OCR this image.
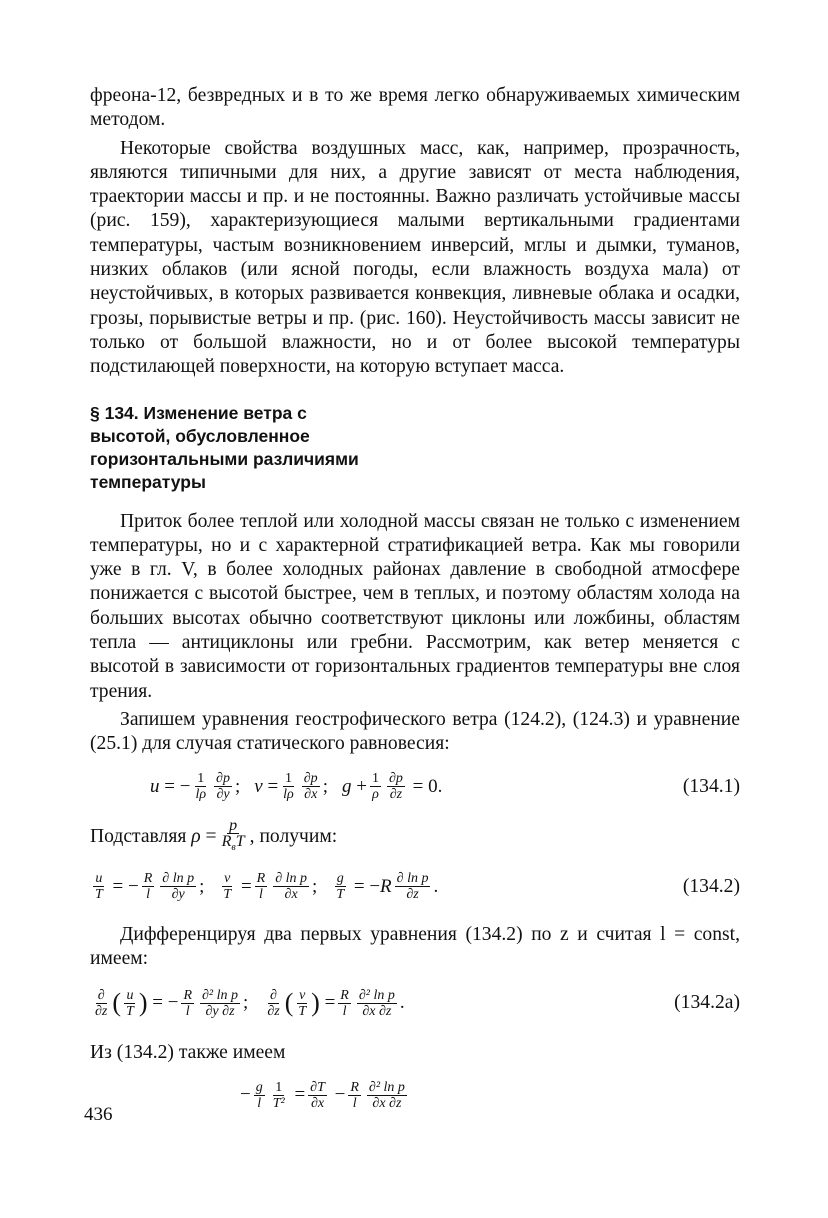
фреона-12, безвредных и в то же время легко обнаруживаемых химическим методом.

Некоторые свойства воздушных масс, как, например, прозрачность, являются типичными для них, а другие зависят от места наблюдения, траектории массы и пр. и не постоянны. Важно различать устойчивые массы (рис. 159), характеризующиеся малыми вертикальными градиентами температуры, частым возникновением инверсий, мглы и дымки, туманов, низких облаков (или ясной погоды, если влажность воздуха мала) от неустойчивых, в которых развивается конвекция, ливневые облака и осадки, грозы, порывистые ветры и пр. (рис. 160). Неустойчивость массы зависит не только от большой влажности, но и от более высокой температуры подстилающей поверхности, на которую вступает масса.

§ 134. Изменение ветра с высотой, обусловленное горизонтальными различиями температуры

Приток более теплой или холодной массы связан не только с изменением температуры, но и с характерной стратификацией ветра. Как мы говорили уже в гл. V, в более холодных районах давление в свободной атмосфере понижается с высотой быстрее, чем в теплых, и поэтому областям холода на больших высотах обычно соответствуют циклоны или ложбины, областям тепла — антициклоны или гребни. Рассмотрим, как ветер меняется с высотой в зависимости от горизонтальных градиентов температуры вне слоя трения.

Запишем уравнения геострофического ветра (124.2), (124.3) и уравнение (25.1) для случая статического равновесия:

u = − $\frac{1}{l\rho} \frac{\partial p}{\partial y}$ ; $v = \frac{1}{l\rho} \frac{\partial p}{\partial x}$ ; $g + \frac{1}{\rho} \frac{\partial p}{\partial z} = 0$.	(134.1)
Подставляя
$\rho = \frac{p}{R_вT}$ , получим:
$\frac{u}{T}$ = − $\frac{R}{l} \frac{\text{∂ ln p}}{\partial y}$ ; $\frac{v}{T} = \frac{R}{l} \frac{\text{∂ ln p}}{\partial x}$ ; $\frac{g}{T}$ = − R $\frac{\text{∂ ln p}}{\partial z}$ .	(134.2)

Дифференцируя два первых уравнения (134.2) по z и считая l = const, имеем:

$\frac{\partial}{\partial z}$ ( $\frac{u}{T}$ ) = − $\frac{R}{l} \frac{\text{∂² ln p}}{\partial y \partial z}$ ; $\frac{\partial}{\partial z}$ ( $\frac{v}{T}$ ) = $\frac{R}{l} \frac{\text{∂² ln p}}{\partial x \partial z}$ .	(134.2a)

Из (134.2) также имеем

− $\frac{g}{l} \frac{1}{\text{T²}} = \frac{\partial T}{\partial x} - \frac{R}{l} \frac{\text{∂² ln p}}{\partial x \partial z}$
436
